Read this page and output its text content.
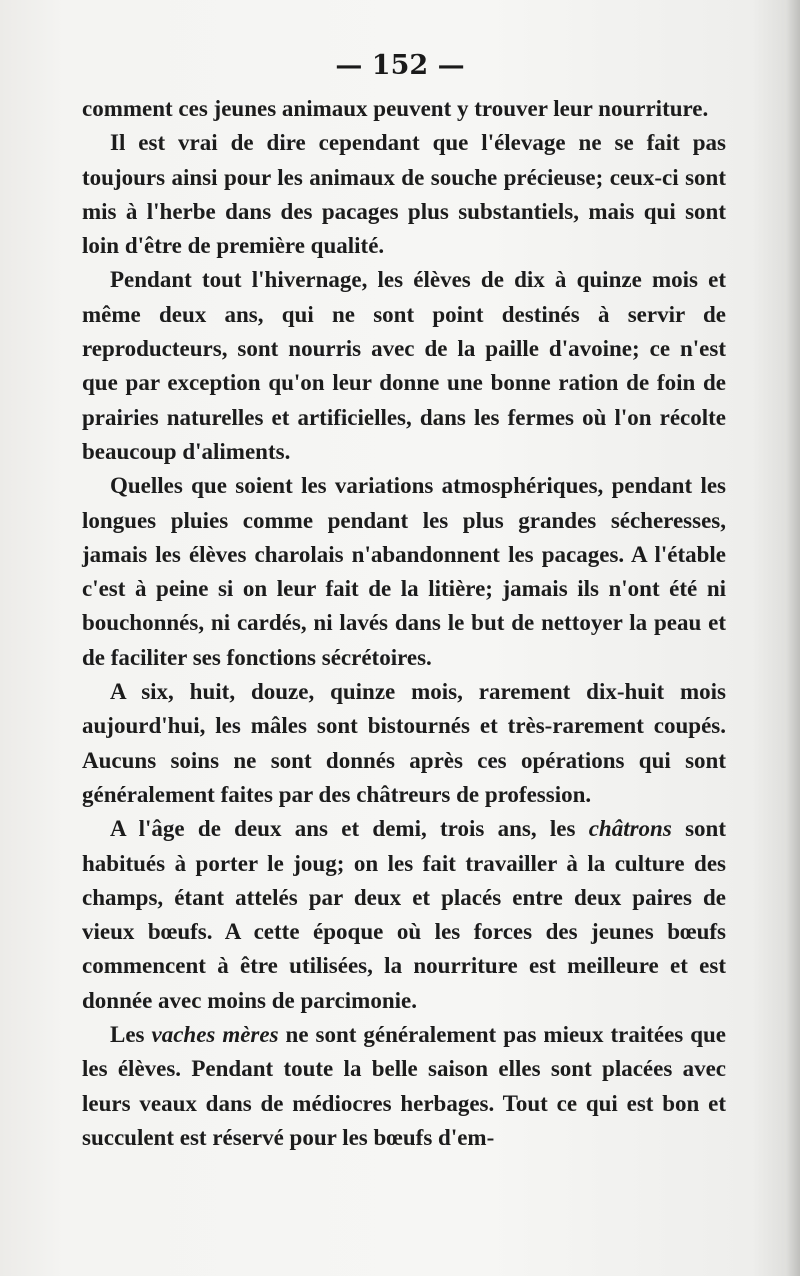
— 152 —

comment ces jeunes animaux peuvent y trouver leur nourriture.

Il est vrai de dire cependant que l'élevage ne se fait pas toujours ainsi pour les animaux de souche précieuse; ceux-ci sont mis à l'herbe dans des pacages plus substantiels, mais qui sont loin d'être de première qualité.

Pendant tout l'hivernage, les élèves de dix à quinze mois et même deux ans, qui ne sont point destinés à servir de reproducteurs, sont nourris avec de la paille d'avoine; ce n'est que par exception qu'on leur donne une bonne ration de foin de prairies naturelles et artificielles, dans les fermes où l'on récolte beaucoup d'aliments.

Quelles que soient les variations atmosphériques, pendant les longues pluies comme pendant les plus grandes sécheresses, jamais les élèves charolais n'abandonnent les pacages. A l'étable c'est à peine si on leur fait de la litière; jamais ils n'ont été ni bouchonnés, ni cardés, ni lavés dans le but de nettoyer la peau et de faciliter ses fonctions sécrétoires.

A six, huit, douze, quinze mois, rarement dix-huit mois aujourd'hui, les mâles sont bistournés et très-rarement coupés. Aucuns soins ne sont donnés après ces opérations qui sont généralement faites par des châtreurs de profession.

A l'âge de deux ans et demi, trois ans, les châtrons sont habitués à porter le joug; on les fait travailler à la culture des champs, étant attelés par deux et placés entre deux paires de vieux bœufs. A cette époque où les forces des jeunes bœufs commencent à être utilisées, la nourriture est meilleure et est donnée avec moins de parcimonie.

Les vaches mères ne sont généralement pas mieux traitées que les élèves. Pendant toute la belle saison elles sont placées avec leurs veaux dans de médiocres herbages. Tout ce qui est bon et succulent est réservé pour les bœufs d'em-
